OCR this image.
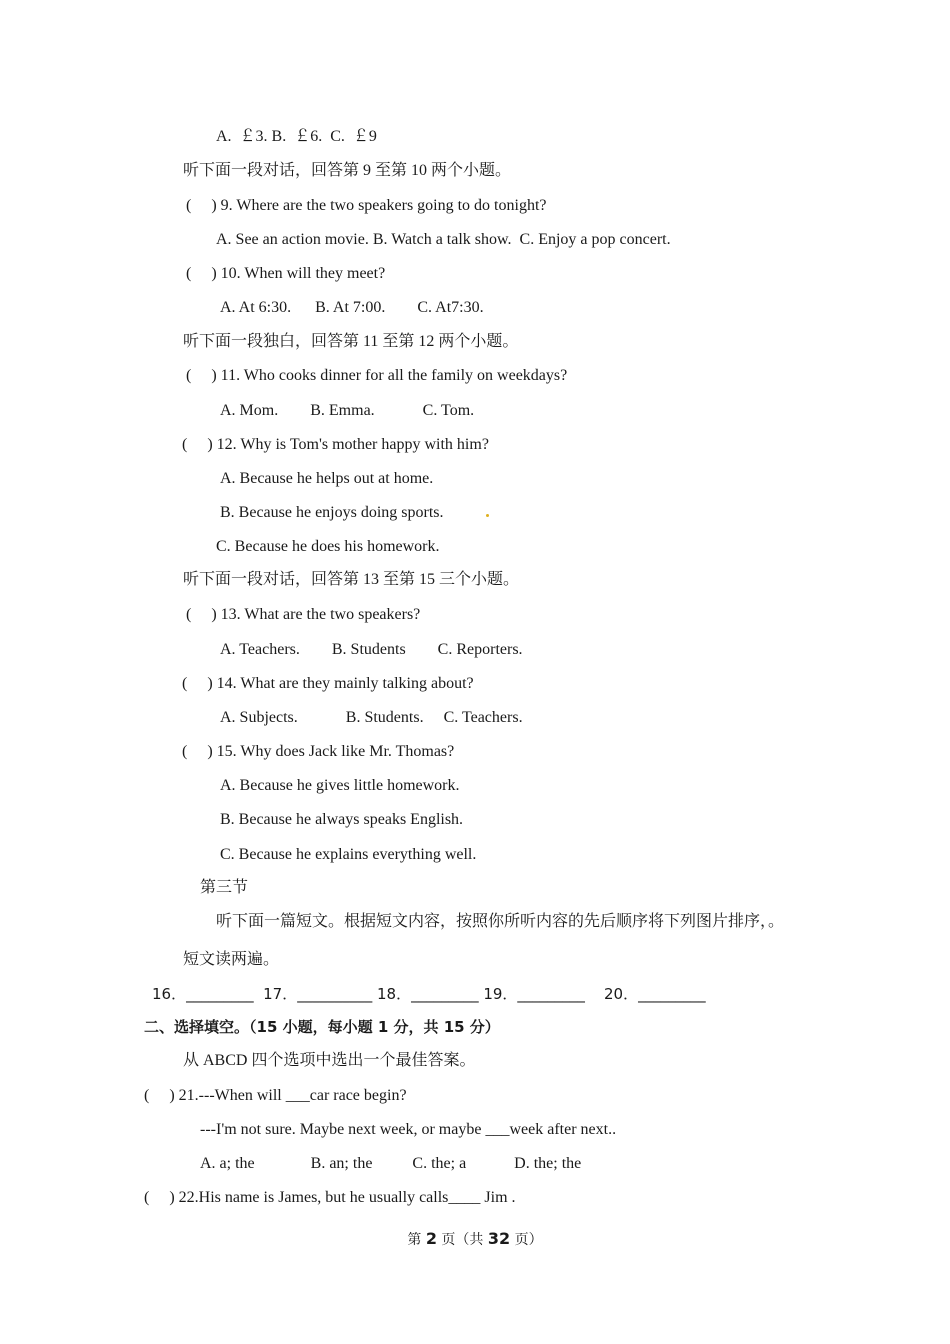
A.  ￡3. B.  ￡6.  C.  ￡9
听下面一段对话，回答第 9 至第 10 两个小题。
(     ) 9. Where are the two speakers going to do tonight?
A. See an action movie. B. Watch a talk show.  C. Enjoy a pop concert.
(     ) 10. When will they meet?
A. At 6:30.      B. At 7:00.        C. At7:30.
听下面一段独白，回答第 11 至第 12 两个小题。
(     ) 11. Who cooks dinner for all the family on weekdays?
A. Mom.        B. Emma.            C. Tom.
(     ) 12. Why is Tom's mother happy with him?
A. Because he helps out at home.
B. Because he enjoys doing sports.
C. Because he does his homework.
听下面一段对话，回答第 13 至第 15 三个小题。
(     ) 13. What are the two speakers?
A. Teachers.        B. Students        C. Reporters.
(     ) 14. What are they mainly talking about?
A. Subjects.            B. Students.     C. Teachers.
(     ) 15. Why does Jack like Mr. Thomas?
A. Because he gives little homework.
B. Because he always speaks English.
C. Because he explains everything well.
第三节
听下面一篇短文。根据短文内容，按照你所听内容的先后顺序将下列图片排序，。
短文读两遍。
16．_________  17．__________ 18．_________ 19．_________    20．_________
二、选择填空。（15 小题，每小题 1 分，共 15 分）
从 ABCD 四个选项中选出一个最佳答案。
(     ) 21.---When will ___car race begin?
---I'm not sure. Maybe next week, or maybe ___week after next..
A. a; the              B. an; the          C. the; a            D. the; the
(     ) 22.His name is James, but he usually calls____ Jim .
第 2 页（共 32 页）
